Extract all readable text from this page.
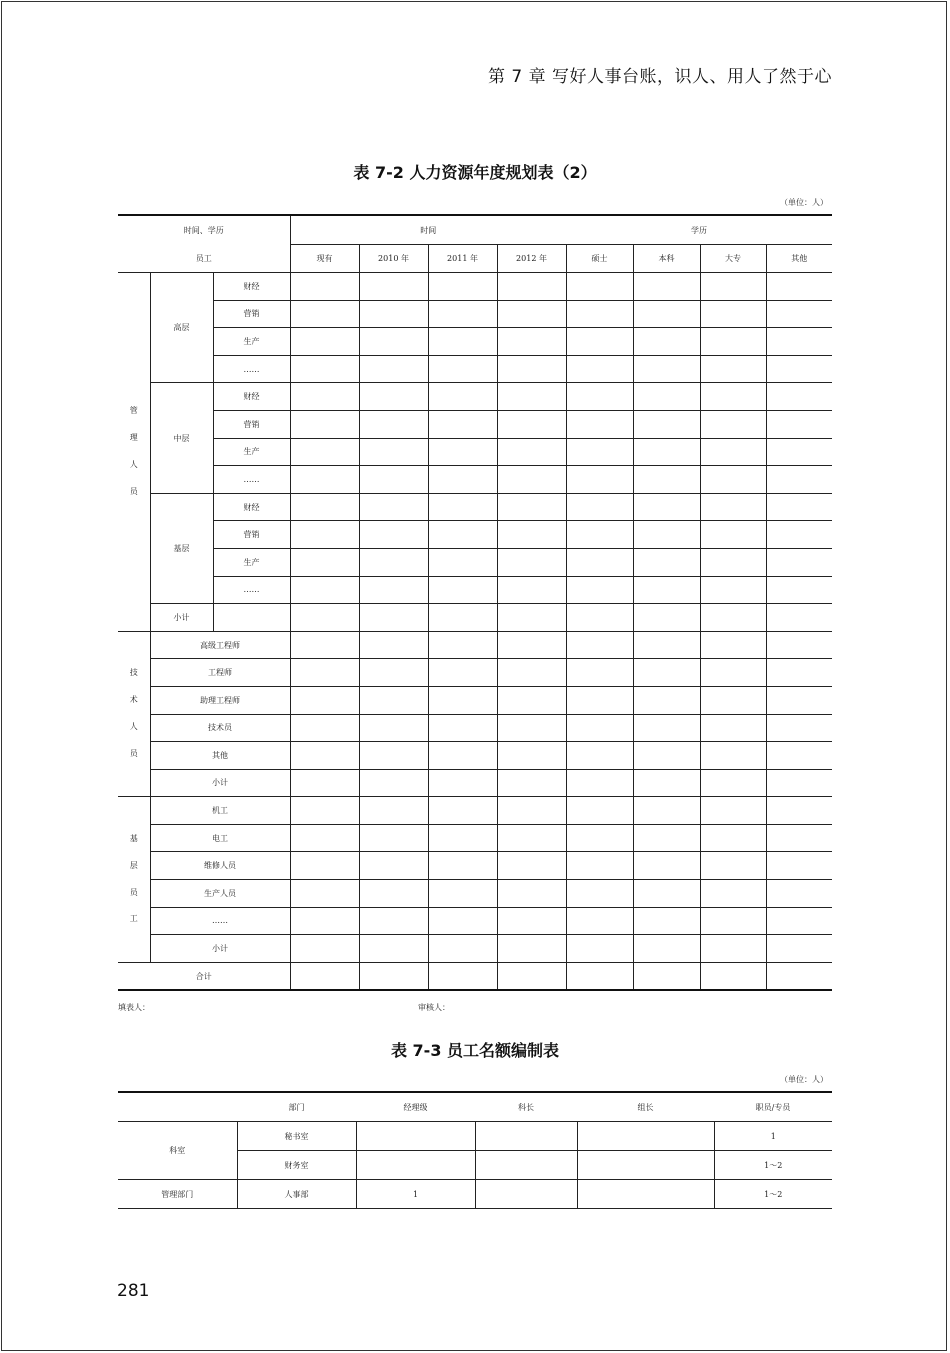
第 7 章 写好人事台账，识人、用人了然于心
表 7-2 人力资源年度规划表（2）
（单位：人）
时间、学历			时间				学历			
员工			现有	2010 年	2011 年	2012 年	硕士	本科	大专	其他

管
理
人
员	高层	财经								
		营销								
		生产								
		……								
	中层	财经								
		营销								
		生产								
		……								
	基层	财经								
		营销								
		生产								
		……								
	小计									

技
术
人
员	高级工程师									
	工程师									
	助理工程师									
	技术员									
	其他									
	小计									

基
层
员
工	机工									
	电工									
	维修人员									
	生产人员									
	……									
	小计									
合计										
填表人：	审核人：
表 7-3 员工名额编制表
（单位：人）
	部门	经理级	科长	组长	职员/专员
科室	秘书室				1
	财务室				1～2
管理部门	人事部	1			1～2
281
